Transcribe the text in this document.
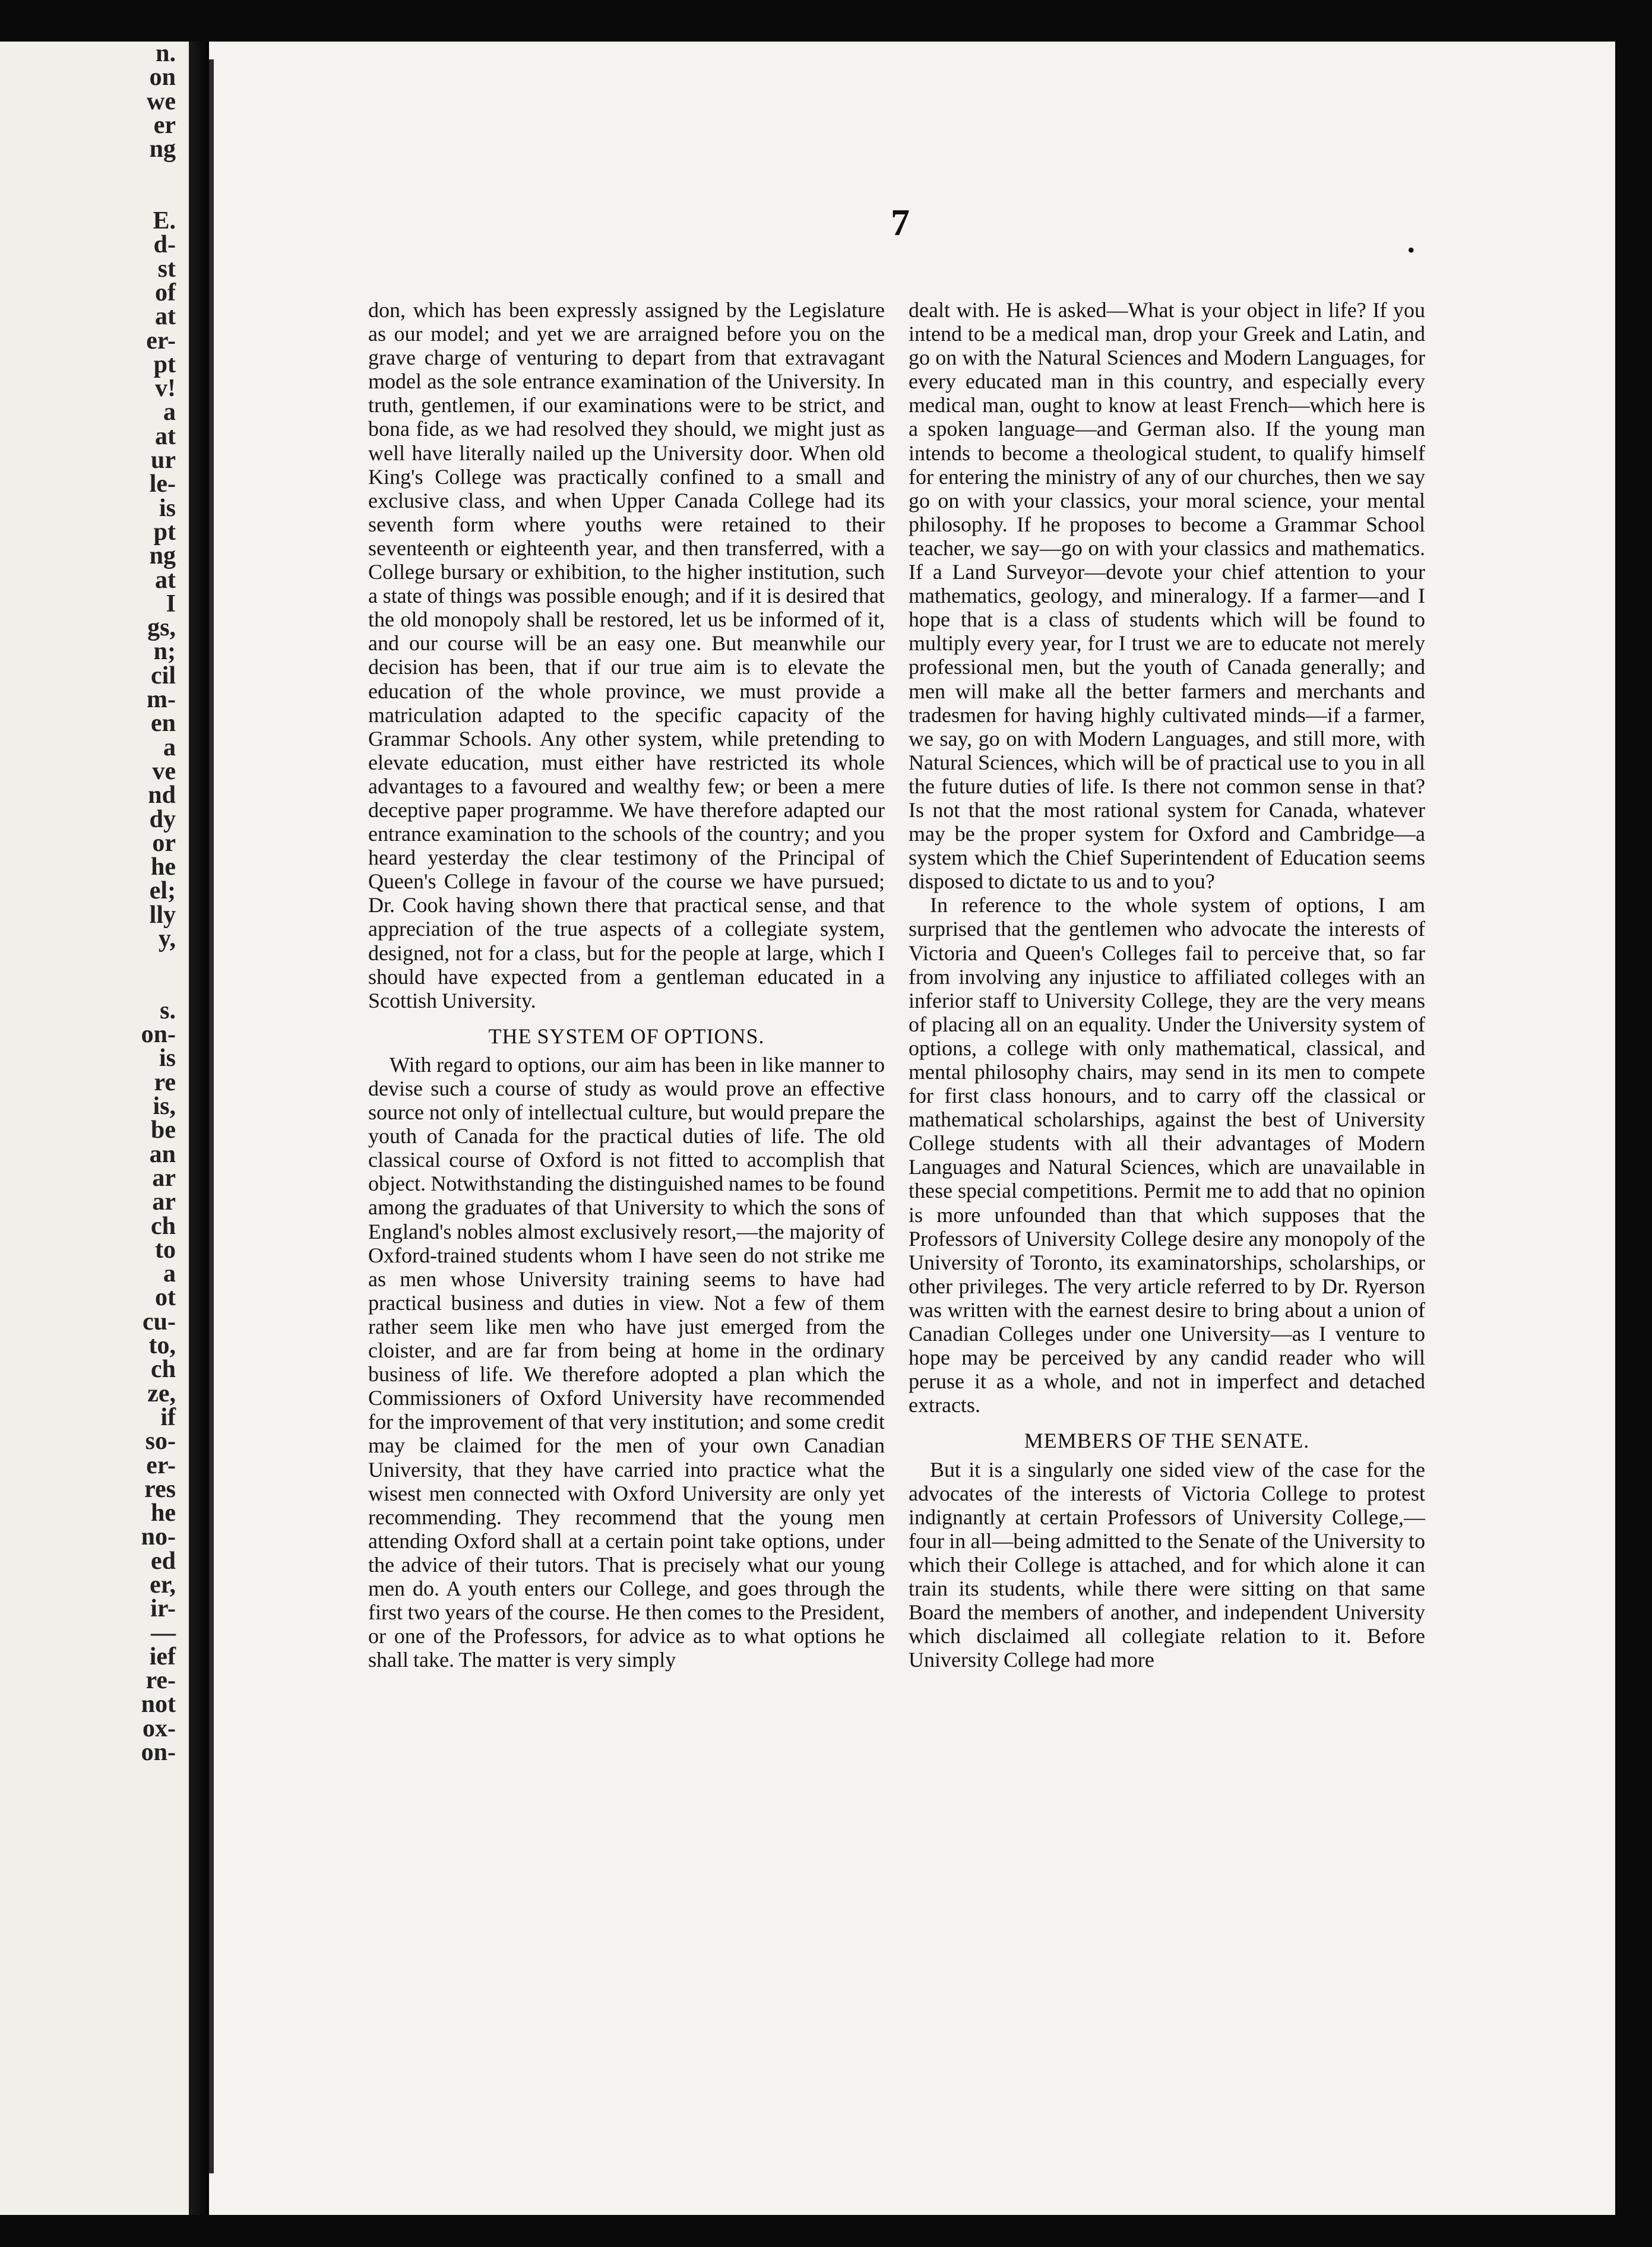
n.
on
we
er
ng

E.
d-
st
of
at
er-
pt
v!
a
at
ur
le-
is
pt
ng
at
I
gs,
n;
cil
m-
en
a
ve
nd
dy
or
he
el;
lly
y,

s.
on-
is
re
is,
be
an
ar
ar
ch
to
a
ot
cu-
to,
ch
ze,
if
so-
er-
res
he
no-
ed
er,
ir-
—
ief
re-
not
ox-
on-
7
•

don, which has been expressly assigned by the Legislature as our model; and yet we are arraigned before you on the grave charge of venturing to depart from that extravagant model as the sole entrance examination of the University. In truth, gentlemen, if our examinations were to be strict, and bona fide, as we had resolved they should, we might just as well have literally nailed up the University door. When old King's College was practically confined to a small and exclusive class, and when Upper Canada College had its seventh form where youths were retained to their seventeenth or eighteenth year, and then transferred, with a College bursary or exhibition, to the higher institution, such a state of things was possible enough; and if it is desired that the old monopoly shall be restored, let us be informed of it, and our course will be an easy one. But meanwhile our decision has been, that if our true aim is to elevate the education of the whole province, we must provide a matriculation adapted to the specific capacity of the Grammar Schools. Any other system, while pretending to elevate education, must either have restricted its whole advantages to a favoured and wealthy few; or been a mere deceptive paper programme. We have therefore adapted our entrance examination to the schools of the country; and you heard yesterday the clear testimony of the Principal of Queen's College in favour of the course we have pursued; Dr. Cook having shown there that practical sense, and that appreciation of the true aspects of a collegiate system, designed, not for a class, but for the people at large, which I should have expected from a gentleman educated in a Scottish University.

THE SYSTEM OF OPTIONS.

With regard to options, our aim has been in like manner to devise such a course of study as would prove an effective source not only of intellectual culture, but would prepare the youth of Canada for the practical duties of life. The old classical course of Oxford is not fitted to accomplish that object. Notwithstanding the distinguished names to be found among the graduates of that University to which the sons of England's nobles almost exclusively resort,—the majority of Oxford-trained students whom I have seen do not strike me as men whose University training seems to have had practical business and duties in view. Not a few of them rather seem like men who have just emerged from the cloister, and are far from being at home in the ordinary business of life. We therefore adopted a plan which the Commissioners of Oxford University have recommended for the improvement of that very institution; and some credit may be claimed for the men of your own Canadian University, that they have carried into practice what the wisest men connected with Oxford University are only yet recommending. They recommend that the young men attending Oxford shall at a certain point take options, under the advice of their tutors. That is precisely what our young men do. A youth enters our College, and goes through the first two years of the course. He then comes to the President, or one of the Professors, for advice as to what options he shall take. The matter is very simply

dealt with. He is asked—What is your object in life? If you intend to be a medical man, drop your Greek and Latin, and go on with the Natural Sciences and Modern Languages, for every educated man in this country, and especially every medical man, ought to know at least French—which here is a spoken language—and German also. If the young man intends to become a theological student, to qualify himself for entering the ministry of any of our churches, then we say go on with your classics, your moral science, your mental philosophy. If he proposes to become a Grammar School teacher, we say—go on with your classics and mathematics. If a Land Surveyor—devote your chief attention to your mathematics, geology, and mineralogy. If a farmer—and I hope that is a class of students which will be found to multiply every year, for I trust we are to educate not merely professional men, but the youth of Canada generally; and men will make all the better farmers and merchants and tradesmen for having highly cultivated minds—if a farmer, we say, go on with Modern Languages, and still more, with Natural Sciences, which will be of practical use to you in all the future duties of life. Is there not common sense in that? Is not that the most rational system for Canada, whatever may be the proper system for Oxford and Cambridge—a system which the Chief Superintendent of Education seems disposed to dictate to us and to you?

In reference to the whole system of options, I am surprised that the gentlemen who advocate the interests of Victoria and Queen's Colleges fail to perceive that, so far from involving any injustice to affiliated colleges with an inferior staff to University College, they are the very means of placing all on an equality. Under the University system of options, a college with only mathematical, classical, and mental philosophy chairs, may send in its men to compete for first class honours, and to carry off the classical or mathematical scholarships, against the best of University College students with all their advantages of Modern Languages and Natural Sciences, which are unavailable in these special competitions. Permit me to add that no opinion is more unfounded than that which supposes that the Professors of University College desire any monopoly of the University of Toronto, its examinatorships, scholarships, or other privileges. The very article referred to by Dr. Ryerson was written with the earnest desire to bring about a union of Canadian Colleges under one University—as I venture to hope may be perceived by any candid reader who will peruse it as a whole, and not in imperfect and detached extracts.

MEMBERS OF THE SENATE.

But it is a singularly one sided view of the case for the advocates of the interests of Victoria College to protest indignantly at certain Professors of University College,—four in all—being admitted to the Senate of the University to which their College is attached, and for which alone it can train its students, while there were sitting on that same Board the members of another, and independent University which disclaimed all collegiate relation to it. Before University College had more
